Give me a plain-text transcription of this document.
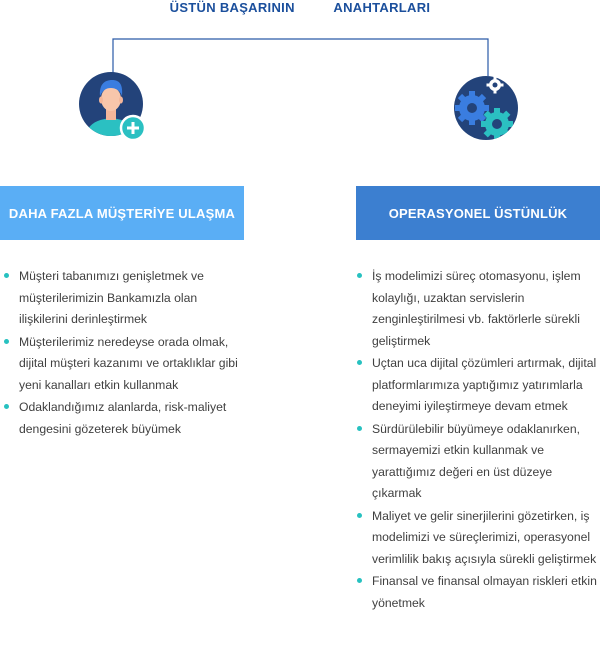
ÜSTÜN BAŞARININ	ANAHTARLARI
DAHA FAZLA MÜŞTERİYE ULAŞMA	OPERASYONEL ÜSTÜNLÜK
Müşteri tabanımızı genişletmek ve müşterilerimizin Bankamızla olan ilişkilerini derinleştirmek
Müşterilerimiz neredeyse orada olmak, dijital müşteri kazanımı ve ortaklıklar gibi yeni kanalları etkin kullanmak
Odaklandığımız alanlarda, risk-maliyet dengesini gözeterek büyümek
İş modelimizi süreç otomasyonu, işlem kolaylığı, uzaktan servislerin zenginleştirilmesi vb. faktörlerle sürekli geliştirmek
Uçtan uca dijital çözümleri artırmak, dijital platformlarımıza yaptığımız yatırımlarla deneyimi iyileştirmeye devam etmek
Sürdürülebilir büyümeye odaklanırken, sermayemizi etkin kullanmak ve yarattığımız değeri en üst düzeye çıkarmak
Maliyet ve gelir sinerjilerini gözetirken, iş modelimizi ve süreçlerimizi, operasyonel verimlilik bakış açısıyla sürekli geliştirmek
Finansal ve finansal olmayan riskleri etkin yönetmek
